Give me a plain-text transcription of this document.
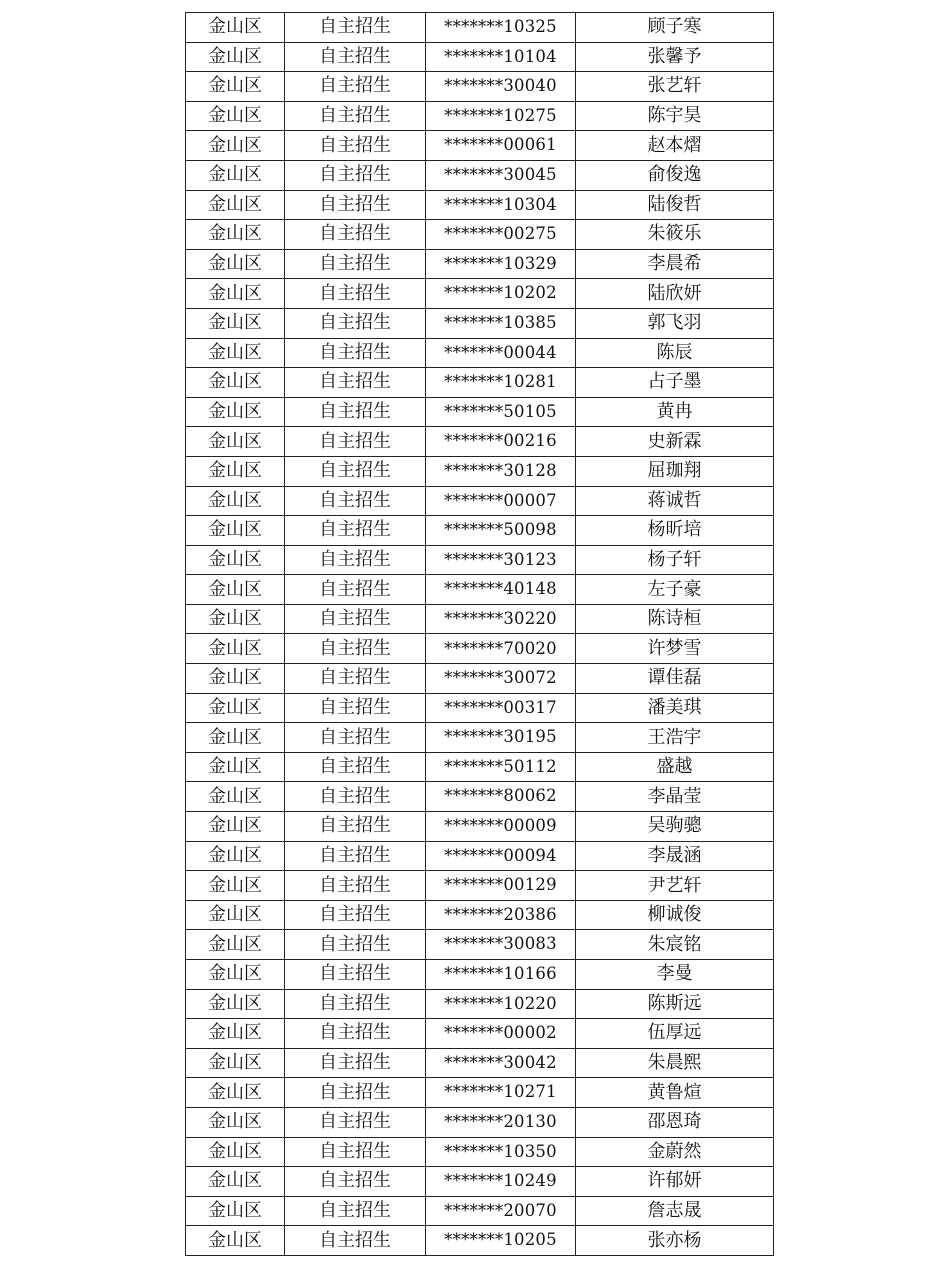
金山区	自主招生	*******10325	顾子寒
金山区	自主招生	*******10104	张馨予
金山区	自主招生	*******30040	张艺轩
金山区	自主招生	*******10275	陈宇昊
金山区	自主招生	*******00061	赵本熠
金山区	自主招生	*******30045	俞俊逸
金山区	自主招生	*******10304	陆俊哲
金山区	自主招生	*******00275	朱筱乐
金山区	自主招生	*******10329	李晨希
金山区	自主招生	*******10202	陆欣妍
金山区	自主招生	*******10385	郭飞羽
金山区	自主招生	*******00044	陈辰
金山区	自主招生	*******10281	占子墨
金山区	自主招生	*******50105	黄冉
金山区	自主招生	*******00216	史新霖
金山区	自主招生	*******30128	屈珈翔
金山区	自主招生	*******00007	蒋诚哲
金山区	自主招生	*******50098	杨昕培
金山区	自主招生	*******30123	杨子轩
金山区	自主招生	*******40148	左子豪
金山区	自主招生	*******30220	陈诗桓
金山区	自主招生	*******70020	许梦雪
金山区	自主招生	*******30072	谭佳磊
金山区	自主招生	*******00317	潘美琪
金山区	自主招生	*******30195	王浩宇
金山区	自主招生	*******50112	盛越
金山区	自主招生	*******80062	李晶莹
金山区	自主招生	*******00009	吴驹骢
金山区	自主招生	*******00094	李晟涵
金山区	自主招生	*******00129	尹艺轩
金山区	自主招生	*******20386	柳诚俊
金山区	自主招生	*******30083	朱宸铭
金山区	自主招生	*******10166	李曼
金山区	自主招生	*******10220	陈斯远
金山区	自主招生	*******00002	伍厚远
金山区	自主招生	*******30042	朱晨熙
金山区	自主招生	*******10271	黄鲁煊
金山区	自主招生	*******20130	邵恩琦
金山区	自主招生	*******10350	金蔚然
金山区	自主招生	*******10249	许郁妍
金山区	自主招生	*******20070	詹志晟
金山区	自主招生	*******10205	张亦杨
